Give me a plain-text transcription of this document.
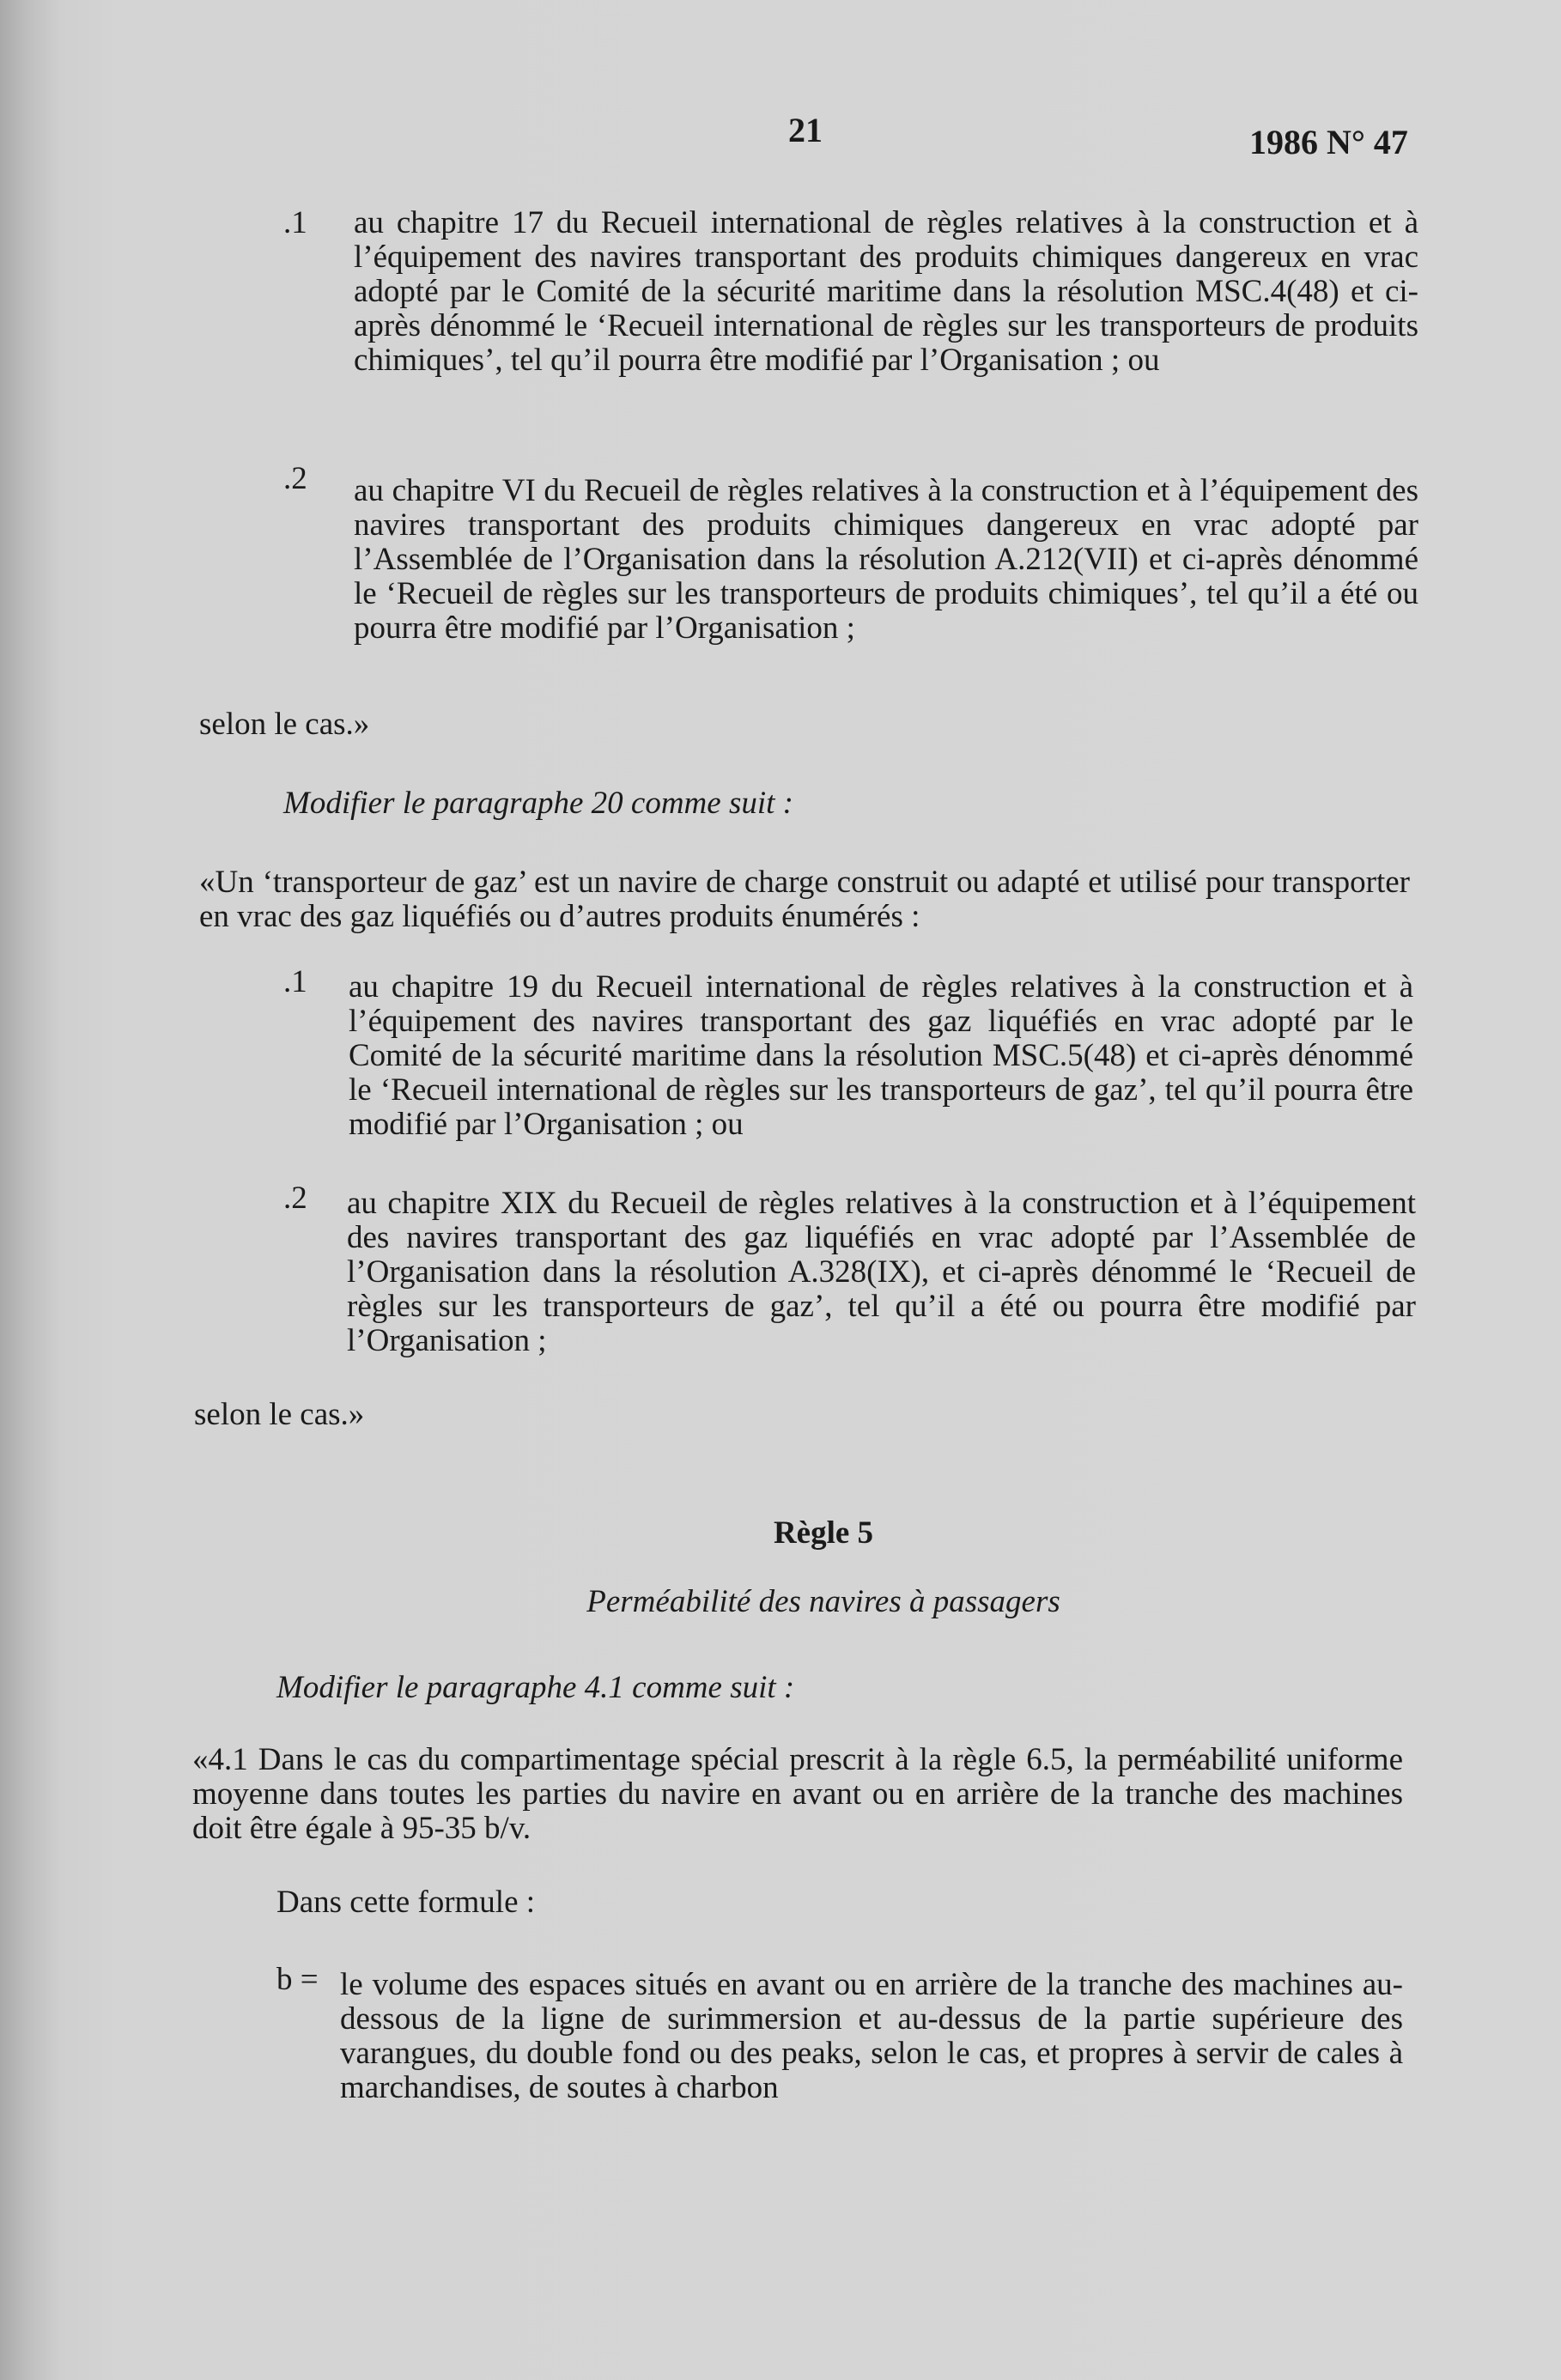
21	1986 N° 47
.1 au chapitre 17 du Recueil international de règles relatives à la construction et à l’équipement des navires transportant des produits chimiques dangereux en vrac adopté par le Comité de la sécurité maritime dans la résolution MSC.4(48) et ci-après dénommé le ‘Recueil international de règles sur les transporteurs de produits chimiques’, tel qu’il pourra être modifié par l’Organisation ; ou
.2 au chapitre VI du Recueil de règles relatives à la construction et à l’équipement des navires transportant des produits chimiques dangereux en vrac adopté par l’Assemblée de l’Organisation dans la résolution A.212(VII) et ci-après dénommé le ‘Recueil de règles sur les transporteurs de produits chimiques’, tel qu’il a été ou pourra être modifié par l’Organisation ;
selon le cas.»
Modifier le paragraphe 20 comme suit :
«Un ‘transporteur de gaz’ est un navire de charge construit ou adapté et utilisé pour transporter en vrac des gaz liquéfiés ou d’autres produits énumérés :
.1 au chapitre 19 du Recueil international de règles relatives à la construction et à l’équipement des navires transportant des gaz liquéfiés en vrac adopté par le Comité de la sécurité maritime dans la résolution MSC.5(48) et ci-après dénommé le ‘Recueil international de règles sur les transporteurs de gaz’, tel qu’il pourra être modifié par l’Organisation ; ou
.2 au chapitre XIX du Recueil de règles relatives à la construction et à l’équipement des navires transportant des gaz liquéfiés en vrac adopté par l’Assemblée de l’Organisation dans la résolution A.328(IX), et ci-après dénommé le ‘Recueil de règles sur les transporteurs de gaz’, tel qu’il a été ou pourra être modifié par l’Organisation ;
selon le cas.»
Règle 5
Perméabilité des navires à passagers
Modifier le paragraphe 4.1 comme suit :
«4.1 Dans le cas du compartimentage spécial prescrit à la règle 6.5, la perméabilité uniforme moyenne dans toutes les parties du navire en avant ou en arrière de la tranche des machines doit être égale à 95-35 b/v.
Dans cette formule :
b = le volume des espaces situés en avant ou en arrière de la tranche des machines au-dessous de la ligne de surimmersion et au-dessus de la partie supérieure des varangues, du double fond ou des peaks, selon le cas, et propres à servir de cales à marchandises, de soutes à charbon
